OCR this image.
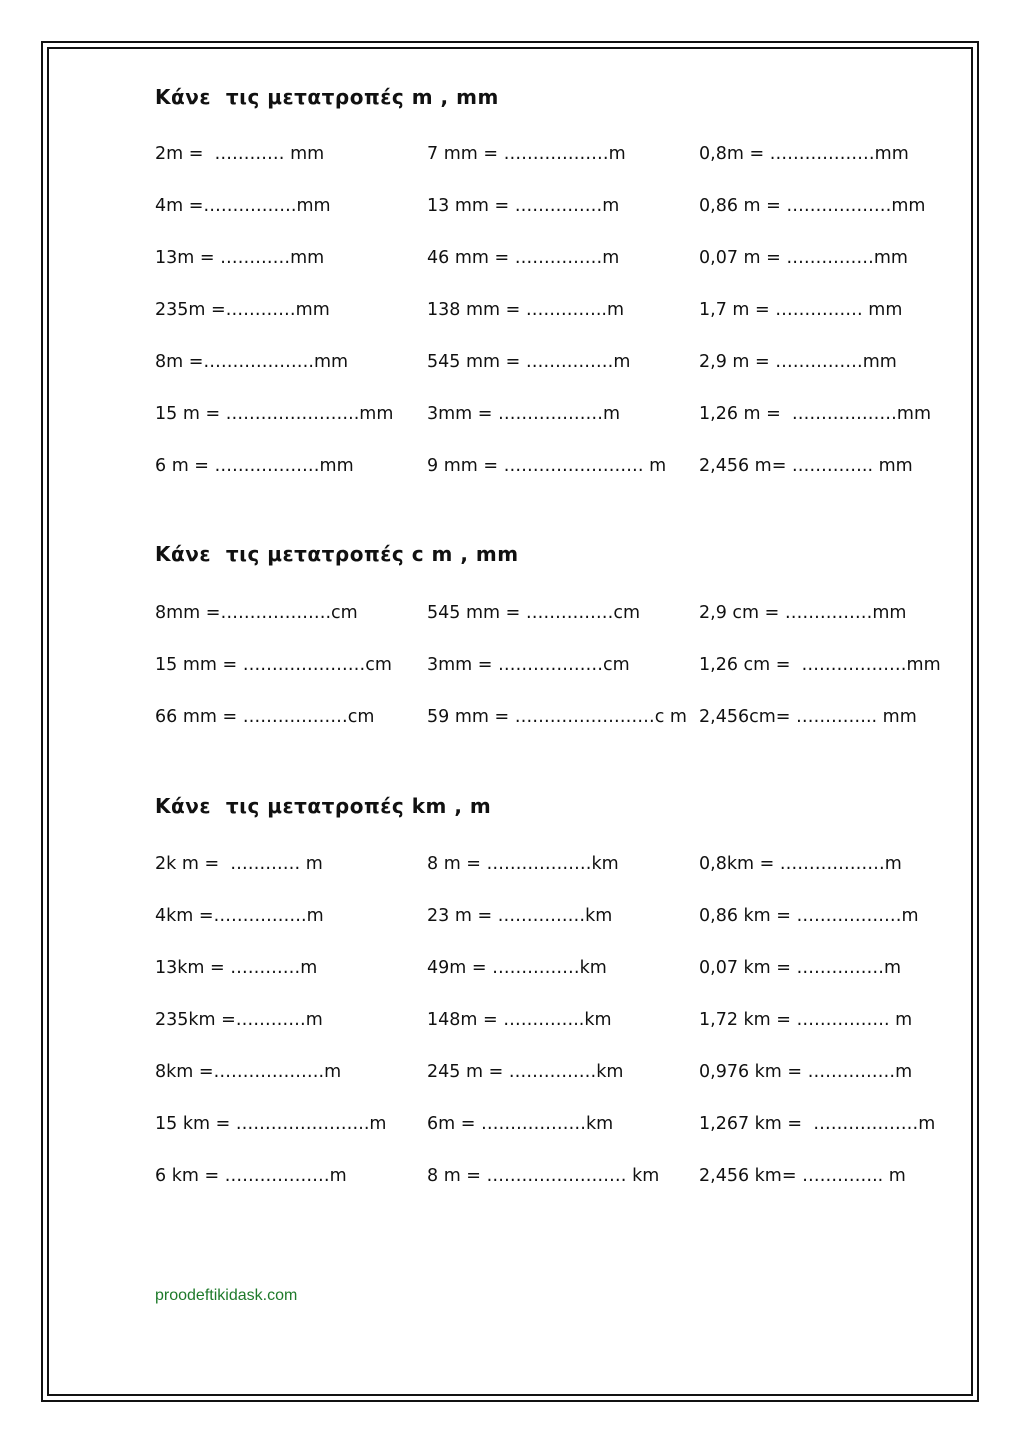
Κάνε  τις μετατροπές m , mm
2m =  ………… mm	7 mm = ………………m	0,8m = ………………mm
4m =…………….mm	13 mm = ……………m	0,86 m = ………………mm
13m = …………mm	46 mm = ……………m	0,07 m = ……………mm
235m =…………mm	138 mm = …………..m	1,7 m = …………… mm
8m =……………….mm	545 mm = ……………m	2,9 m = ……………mm
15 m = …………………..mm 3mm = ………………m	1,26 m =  ………………mm
6 m = ………………mm	9 mm = …………………… m 2,456 m= ………….. mm
Κάνε  τις μετατροπές c m , mm
8mm =……………….cm	545 mm = ……………cm	2,9 cm = ……………mm
15 mm = …………………cm 3mm = ………………cm	1,26 cm =  ………………mm
66 mm = ………………cm	59 mm = ……………………c m 2,456cm= ………….. mm
Κάνε  τις μετατροπές km , m
2k m =  ………… m	8 m = ………………km	0,8km = ………………m
4km =…………….m	23 m = ……………km	0,86 km = ………………m
13km = …………m	49m = ……………km	0,07 km = ……………m
235km =…………m	148m = …………..km	1,72 km = ……………. m
8km =……………….m	245 m = ……………km	0,976 km = ……………m
15 km = …………………..m 6m = ………………km	1,267 km =  ………………m
6 km = ………………m	8 m = …………………… km 2,456 km= ………….. m
proodeftikidask.com
